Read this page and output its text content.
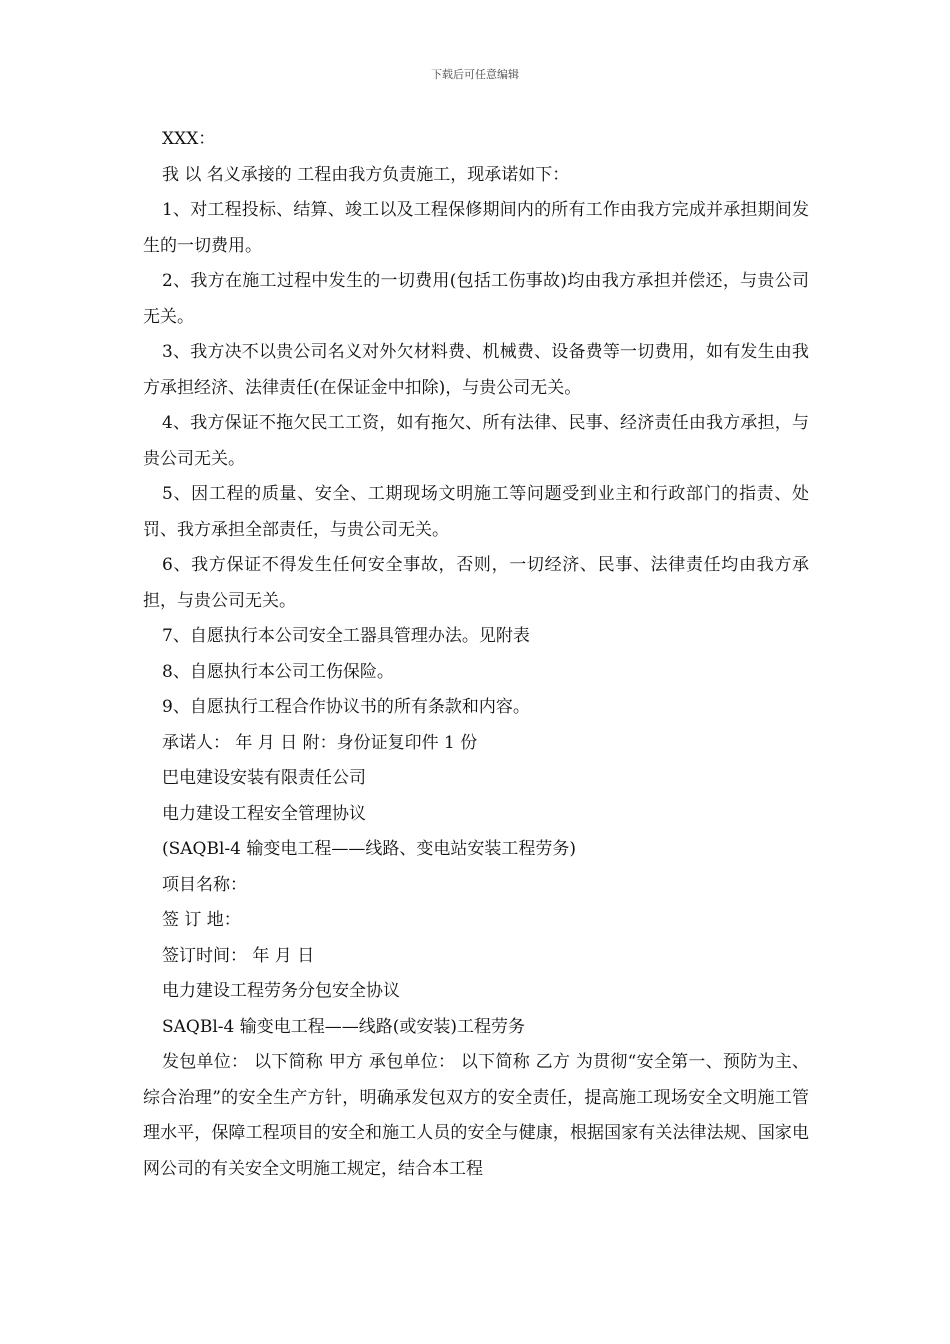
下载后可任意编辑

XXX：

我 以 名义承接的 工程由我方负责施工，现承诺如下：

1、对工程投标、结算、竣工以及工程保修期间内的所有工作由我方完成并承担期间发生的一切费用。

2、我方在施工过程中发生的一切费用(包括工伤事故)均由我方承担并偿还，与贵公司无关。

3、我方决不以贵公司名义对外欠材料费、机械费、设备费等一切费用，如有发生由我方承担经济、法律责任(在保证金中扣除)，与贵公司无关。

4、我方保证不拖欠民工工资，如有拖欠、所有法律、民事、经济责任由我方承担，与贵公司无关。

5、因工程的质量、安全、工期现场文明施工等问题受到业主和行政部门的指责、处罚、我方承担全部责任，与贵公司无关。

6、我方保证不得发生任何安全事故，否则，一切经济、民事、法律责任均由我方承担，与贵公司无关。

7、自愿执行本公司安全工器具管理办法。见附表

8、自愿执行本公司工伤保险。

9、自愿执行工程合作协议书的所有条款和内容。

承诺人： 年 月 日 附：身份证复印件 1 份

巴电建设安装有限责任公司

电力建设工程安全管理协议

(SAQBl-4 输变电工程——线路、变电站安装工程劳务)

项目名称：

签 订 地：

签订时间： 年 月 日

电力建设工程劳务分包安全协议

SAQBl-4 输变电工程——线路(或安装)工程劳务

发包单位： 以下简称 甲方 承包单位： 以下简称 乙方 为贯彻“安全第一、预防为主、综合治理”的安全生产方针，明确承发包双方的安全责任，提高施工现场安全文明施工管理水平，保障工程项目的安全和施工人员的安全与健康，根据国家有关法律法规、国家电网公司的有关安全文明施工规定，结合本工程
